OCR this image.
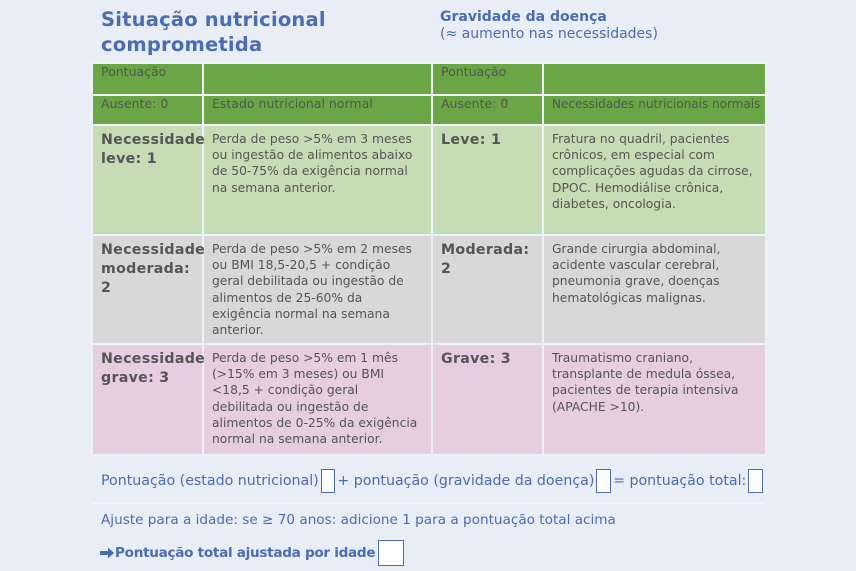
Situação nutricional
comprometida
Gravidade da doença
(≈ aumento nas necessidades)
Pontuação		Pontuação	

Ausente: 0	Estado nutricional normal	Ausente: 0	Necessidades nutricionais normais

Necessidade leve: 1	Perda de peso >5% em 3 meses ou ingestão de alimentos abaixo de 50-75% da exigência normal na semana anterior.	Leve: 1	Fratura no quadril, pacientes crônicos, em especial com complicações agudas da cirrose, DPOC. Hemodiálise crônica, diabetes, oncologia.

Necessidade moderada: 2	Perda de peso >5% em 2 meses ou BMI 18,5-20,5 + condição geral debilitada ou ingestão de alimentos de 25-60% da exigência normal na semana anterior.	Moderada: 2	Grande cirurgia abdominal, acidente vascular cerebral, pneumonia grave, doenças hematológicas malignas.

Necessidade grave: 3	Perda de peso >5% em 1 mês (>15% em 3 meses) ou BMI <18,5 + condição geral debilitada ou ingestão de alimentos de 0-25% da exigência normal na semana anterior.	Grave: 3	Traumatismo craniano, transplante de medula óssea, pacientes de terapia intensiva (APACHE >10).
Pontuação (estado nutricional) + pontuação (gravidade da doença) = pontuação total:
Ajuste para a idade: se ≥ 70 anos: adicione 1 para a pontuação total acima
Pontuação total ajustada por idade
